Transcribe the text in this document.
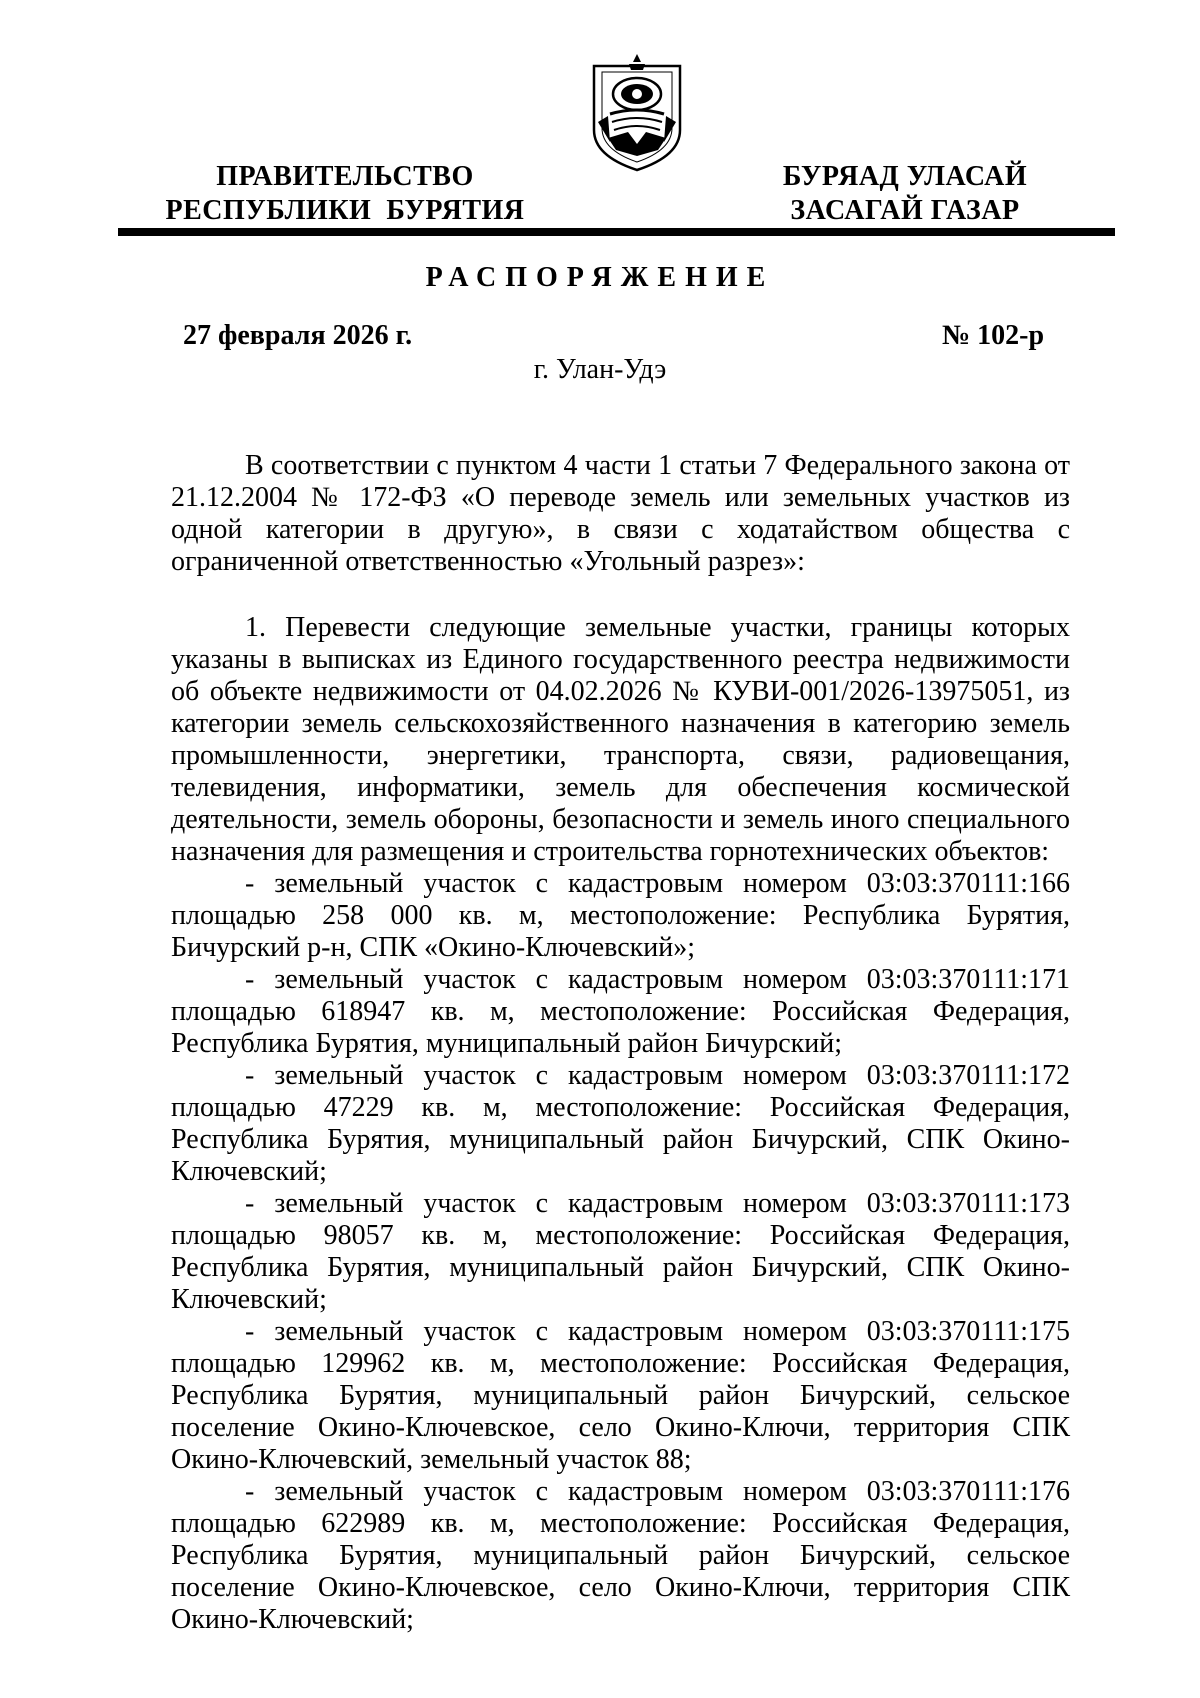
ПРАВИТЕЛЬСТВО
РЕСПУБЛИКИ  БУРЯТИЯ
БУРЯАД УЛАСАЙ
ЗАСАГАЙ ГАЗАР
РАСПОРЯЖЕНИЕ
27 февраля 2026 г.	№ 102-р
г. Улан-Удэ

В соответствии с пунктом 4 части 1 статьи 7 Федерального закона от 21.12.2004 № 172-ФЗ «О переводе земель или земельных участков из одной категории в другую», в связи с ходатайством общества с ограниченной ответственностью «Угольный разрез»:

1. Перевести следующие земельные участки, границы которых указаны в выписках из Единого государственного реестра недвижимости об объекте недвижимости от 04.02.2026 № КУВИ-001/2026-13975051, из категории земель сельскохозяйственного назначения в категорию земель промышленности, энергетики, транспорта, связи, радиовещания, телевидения, информатики, земель для обеспечения космической деятельности, земель обороны, безопасности и земель иного специального назначения для размещения и строительства горнотехнических объектов:

- земельный участок с кадастровым номером 03:03:370111:166 площадью 258 000 кв. м, местоположение: Республика Бурятия, Бичурский р-н, СПК «Окино-Ключевский»;

- земельный участок с кадастровым номером 03:03:370111:171 площадью 618947 кв. м, местоположение: Российская Федерация, Республика Бурятия, муниципальный район Бичурский;

- земельный участок с кадастровым номером 03:03:370111:172 площадью 47229 кв. м, местоположение: Российская Федерация, Республика Бурятия, муниципальный район Бичурский, СПК Окино-Ключевский;

- земельный участок с кадастровым номером 03:03:370111:173 площадью 98057 кв. м, местоположение: Российская Федерация, Республика Бурятия, муниципальный район Бичурский, СПК Окино-Ключевский;

- земельный участок с кадастровым номером 03:03:370111:175 площадью 129962 кв. м, местоположение: Российская Федерация, Республика Бурятия, муниципальный район Бичурский, сельское поселение Окино-Ключевское, село Окино-Ключи, территория СПК Окино-Ключевский, земельный участок 88;

- земельный участок с кадастровым номером 03:03:370111:176 площадью 622989 кв. м, местоположение: Российская Федерация, Республика Бурятия, муниципальный район Бичурский, сельское поселение Окино-Ключевское, село Окино-Ключи, территория СПК Окино-Ключевский;
